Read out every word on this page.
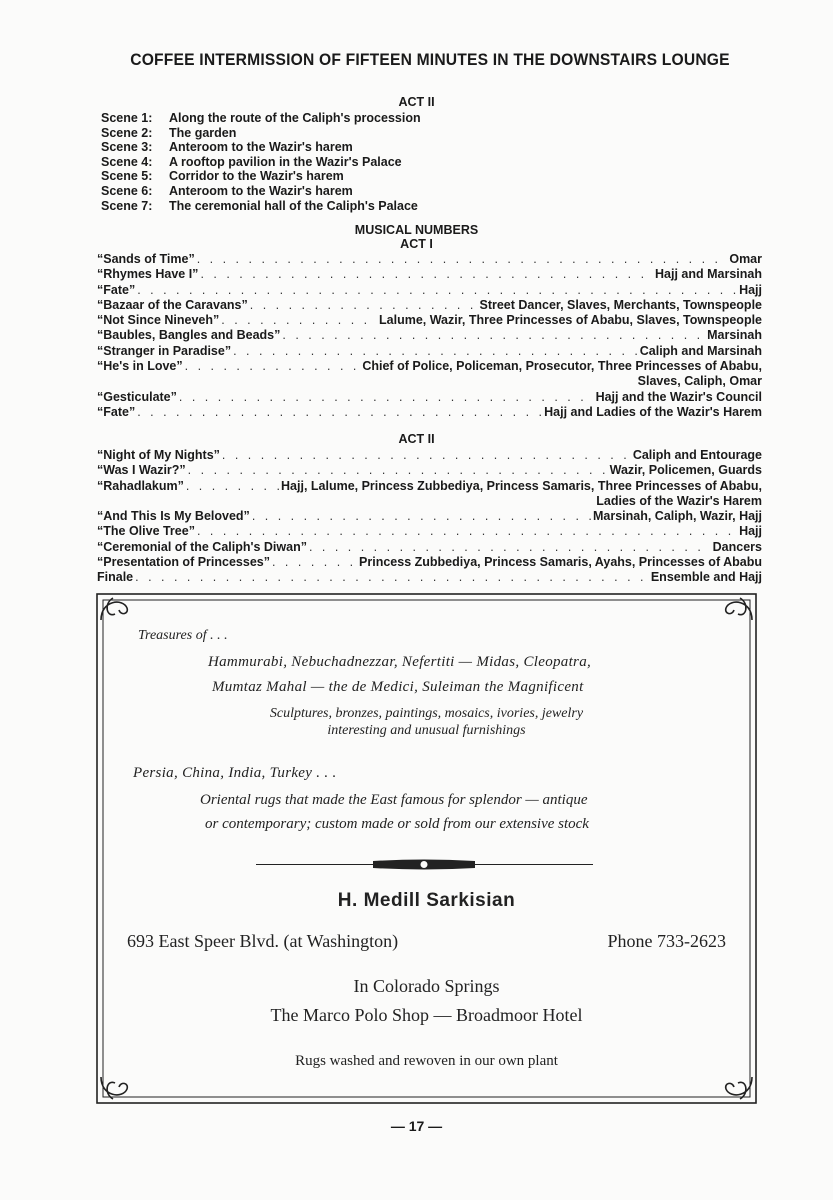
COFFEE INTERMISSION OF FIFTEEN MINUTES IN THE DOWNSTAIRS LOUNGE
ACT II
Scene 1:	Along the route of the Caliph's procession
Scene 2:	The garden
Scene 3:	Anteroom to the Wazir's harem
Scene 4:	A rooftop pavilion in the Wazir's Palace
Scene 5:	Corridor to the Wazir's harem
Scene 6:	Anteroom to the Wazir's harem
Scene 7:	The ceremonial hall of the Caliph's Palace
MUSICAL NUMBERS
ACT I
“Sands of Time” . . .	Omar
“Rhymes Have I” . . .	Hajj and Marsinah
“Fate” . . .	Hajj
“Bazaar of the Caravans” . . .	Street Dancer, Slaves, Merchants, Townspeople
“Not Since Nineveh” . . .	Lalume, Wazir, Three Princesses of Ababu, Slaves, Townspeople
“Baubles, Bangles and Beads” . . .	Marsinah
“Stranger in Paradise” . . .	Caliph and Marsinah
“He's in Love” . . .	Chief of Police, Policeman, Prosecutor, Three Princesses of Ababu,
Slaves, Caliph, Omar
“Gesticulate” . . .	Hajj and the Wazir's Council
“Fate” . . .	Hajj and Ladies of the Wazir's Harem
ACT II
“Night of My Nights” . . .	Caliph and Entourage
“Was I Wazir?” . . .	Wazir, Policemen, Guards
“Rahadlakum” . . .	Hajj, Lalume, Princess Zubbediya, Princess Samaris, Three Princesses of Ababu,
Ladies of the Wazir's Harem
“And This Is My Beloved” . . .	Marsinah, Caliph, Wazir, Hajj
“The Olive Tree” . . .	Hajj
“Ceremonial of the Caliph's Diwan” . . .	Dancers
“Presentation of Princesses” . . .	Princess Zubbediya, Princess Samaris, Ayahs, Princesses of Ababu
Finale . . .	Ensemble and Hajj
Treasures of . . .
Hammurabi, Nebuchadnezzar, Nefertiti — Midas, Cleopatra,
Mumtaz Mahal — the de Medici, Suleiman the Magnificent
Sculptures, bronzes, paintings, mosaics, ivories, jewelry
interesting and unusual furnishings
Persia, China, India, Turkey . . .
Oriental rugs that made the East famous for splendor — antique
or contemporary; custom made or sold from our extensive stock
H. Medill Sarkisian
693 East Speer Blvd. (at Washington)	Phone 733-2623
In Colorado Springs
The Marco Polo Shop — Broadmoor Hotel
Rugs washed and rewoven in our own plant
— 17 —
